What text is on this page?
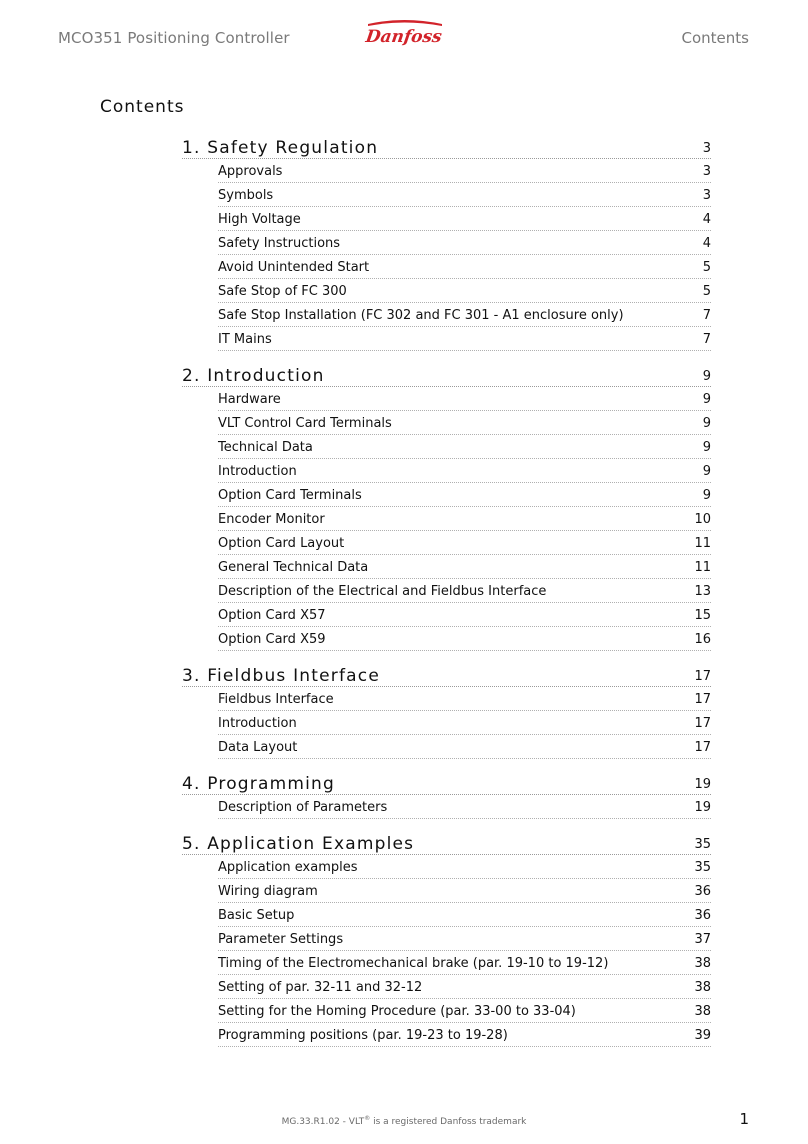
MCO351 Positioning Controller	Danfoss	Contents
Contents
1. Safety Regulation	3
Approvals	3
Symbols	3
High Voltage	4
Safety Instructions	4
Avoid Unintended Start	5
Safe Stop of FC 300	5
Safe Stop Installation (FC 302 and FC 301 - A1 enclosure only)	7
IT Mains	7
2. Introduction	9
Hardware	9
VLT Control Card Terminals	9
Technical Data	9
Introduction	9
Option Card Terminals	9
Encoder Monitor	10
Option Card Layout	11
General Technical Data	11
Description of the Electrical and Fieldbus Interface	13
Option Card X57	15
Option Card X59	16
3. Fieldbus Interface	17
Fieldbus Interface	17
Introduction	17
Data Layout	17
4. Programming	19
Description of Parameters	19
5. Application Examples	35
Application examples	35
Wiring diagram	36
Basic Setup	36
Parameter Settings	37
Timing of the Electromechanical brake (par. 19-10 to 19-12)	38
Setting of par. 32-11 and 32-12	38
Setting for the Homing Procedure (par. 33-00 to 33-04)	38
Programming positions (par. 19-23 to 19-28)	39
MG.33.R1.02 - VLT® is a registered Danfoss trademark	1
